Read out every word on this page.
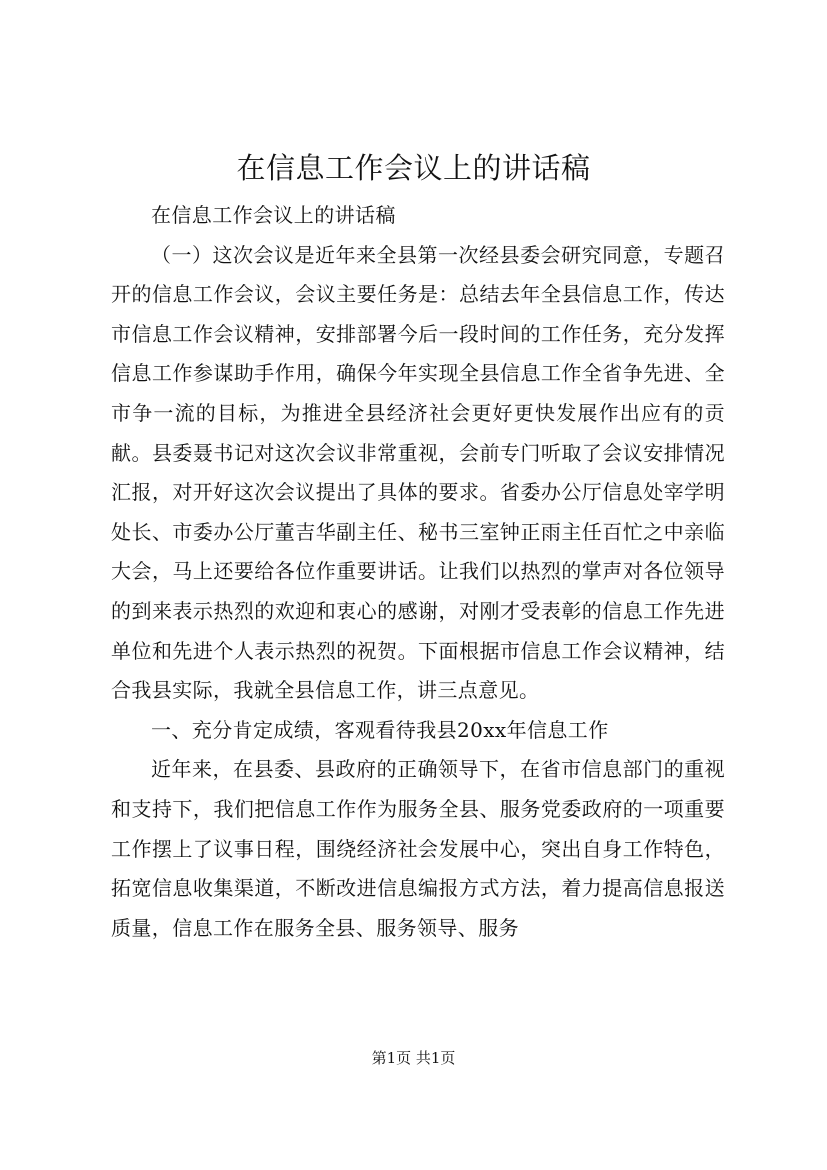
在信息工作会议上的讲话稿

在信息工作会议上的讲话稿

（一）这次会议是近年来全县第一次经县委会研究同意，专题召开的信息工作会议，会议主要任务是：总结去年全县信息工作，传达市信息工作会议精神，安排部署今后一段时间的工作任务，充分发挥信息工作参谋助手作用，确保今年实现全县信息工作全省争先进、全市争一流的目标，为推进全县经济社会更好更快发展作出应有的贡献。县委聂书记对这次会议非常重视，会前专门听取了会议安排情况汇报，对开好这次会议提出了具体的要求。省委办公厅信息处宰学明处长、市委办公厅董吉华副主任、秘书三室钟正雨主任百忙之中亲临大会，马上还要给各位作重要讲话。让我们以热烈的掌声对各位领导的到来表示热烈的欢迎和衷心的感谢，对刚才受表彰的信息工作先进单位和先进个人表示热烈的祝贺。下面根据市信息工作会议精神，结合我县实际，我就全县信息工作，讲三点意见。

一、充分肯定成绩，客观看待我县20xx年信息工作

近年来，在县委、县政府的正确领导下，在省市信息部门的重视和支持下，我们把信息工作作为服务全县、服务党委政府的一项重要工作摆上了议事日程，围绕经济社会发展中心，突出自身工作特色，拓宽信息收集渠道，不断改进信息编报方式方法，着力提高信息报送质量，信息工作在服务全县、服务领导、服务

第1页 共1页
